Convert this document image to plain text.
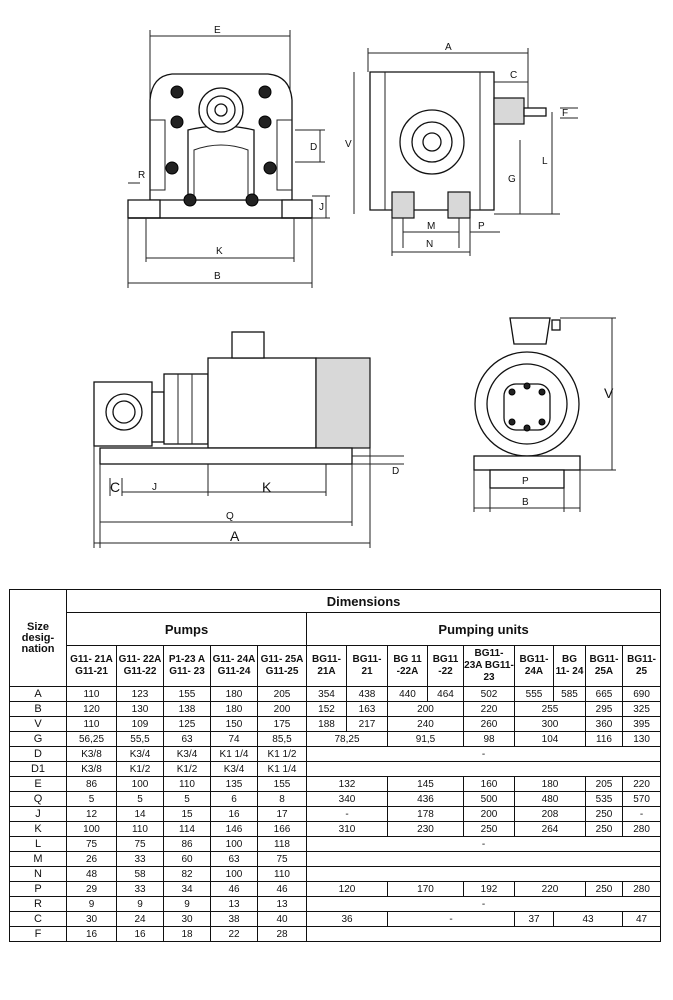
E
D
R
J
K
B
A
C
F
V
G
L
M	P
N
D
C	J	K
Q
A
V
P
B
Size desig- nation	Dimensions													
	Pumps					Pumping units								
	G11- 21A G11-21	G11- 22A G11-22	P1-23 A G11- 23	G11- 24A G11-24	G11- 25A G11-25	BG11- 21A	BG11- 21	BG 11 -22A	BG11 -22	BG11- 23A BG11-23	BG11- 24A	BG 11- 24	BG11- 25A	BG11- 25
A	110	123	155	180	205	354	438	440	464	502	555	585	665	690
B	120	130	138	180	200	152	163	200		220	255		295	325
V	110	109	125	150	175	188	217	240		260	300		360	395
G	56,25	55,5	63	74	85,5	78,25		91,5		98	104		116	130
D	K3/8	K3/4	K3/4	K1 1/4	K1 1/2	-								
D1	K3/8	K1/2	K1/2	K3/4	K1 1/4									
E	86	100	110	135	155	132		145		160	180		205	220
Q	5	5	5	6	8	340		436		500	480		535	570
J	12	14	15	16	17	-		178		200	208		250	-
K	100	110	114	146	166	310		230		250	264		250	280
L	75	75	86	100	118	-								
M	26	33	60	63	75									
N	48	58	82	100	110									
P	29	33	34	46	46	120		170		192	220		250	280
R	9	9	9	13	13	-								
C	30	24	30	38	40	36		-			37	43		47
F	16	16	18	22	28									
